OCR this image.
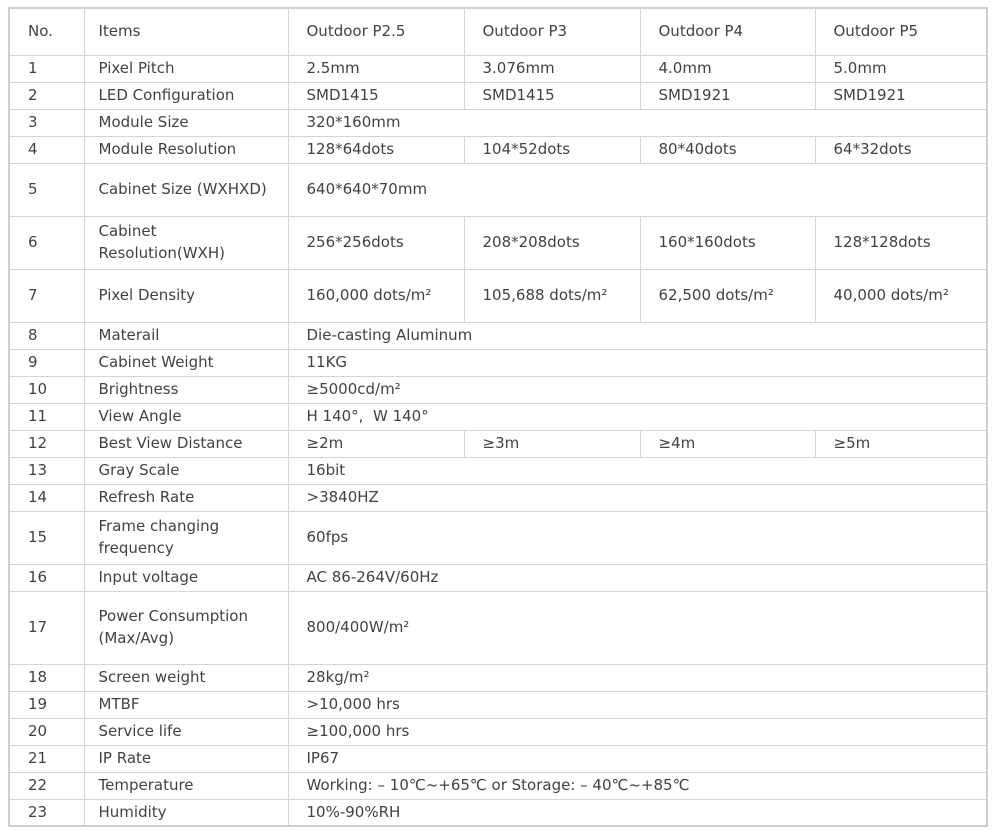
No.	Items	Outdoor P2.5	Outdoor P3	Outdoor P4	Outdoor P5
1	Pixel Pitch	2.5mm	3.076mm	4.0mm	5.0mm
2	LED Configuration	SMD1415	SMD1415	SMD1921	SMD1921
3	Module Size	320*160mm			
4	Module Resolution	128*64dots	104*52dots	80*40dots	64*32dots
5	Cabinet Size (WXHXD)	640*640*70mm			
6	Cabinet Resolution(WXH)	256*256dots	208*208dots	160*160dots	128*128dots
7	Pixel Density	160,000 dots/m²	105,688 dots/m²	62,500 dots/m²	40,000 dots/m²
8	Materail	Die-casting Aluminum			
9	Cabinet Weight	11KG			
10	Brightness	≥5000cd/m²			
11	View Angle	H 140°,  W 140°			
12	Best View Distance	≥2m	≥3m	≥4m	≥5m
13	Gray Scale	16bit			
14	Refresh Rate	>3840HZ			
15	Frame changing frequency	60fps			
16	Input voltage	AC 86-264V/60Hz			
17	Power Consumption (Max/Avg)	800/400W/m²			
18	Screen weight	28kg/m²			
19	MTBF	>10,000 hrs			
20	Service life	≥100,000 hrs			
21	IP Rate	IP67			
22	Temperature	Working: – 10℃~+65℃ or Storage: – 40℃~+85℃			
23	Humidity	10%-90%RH			
